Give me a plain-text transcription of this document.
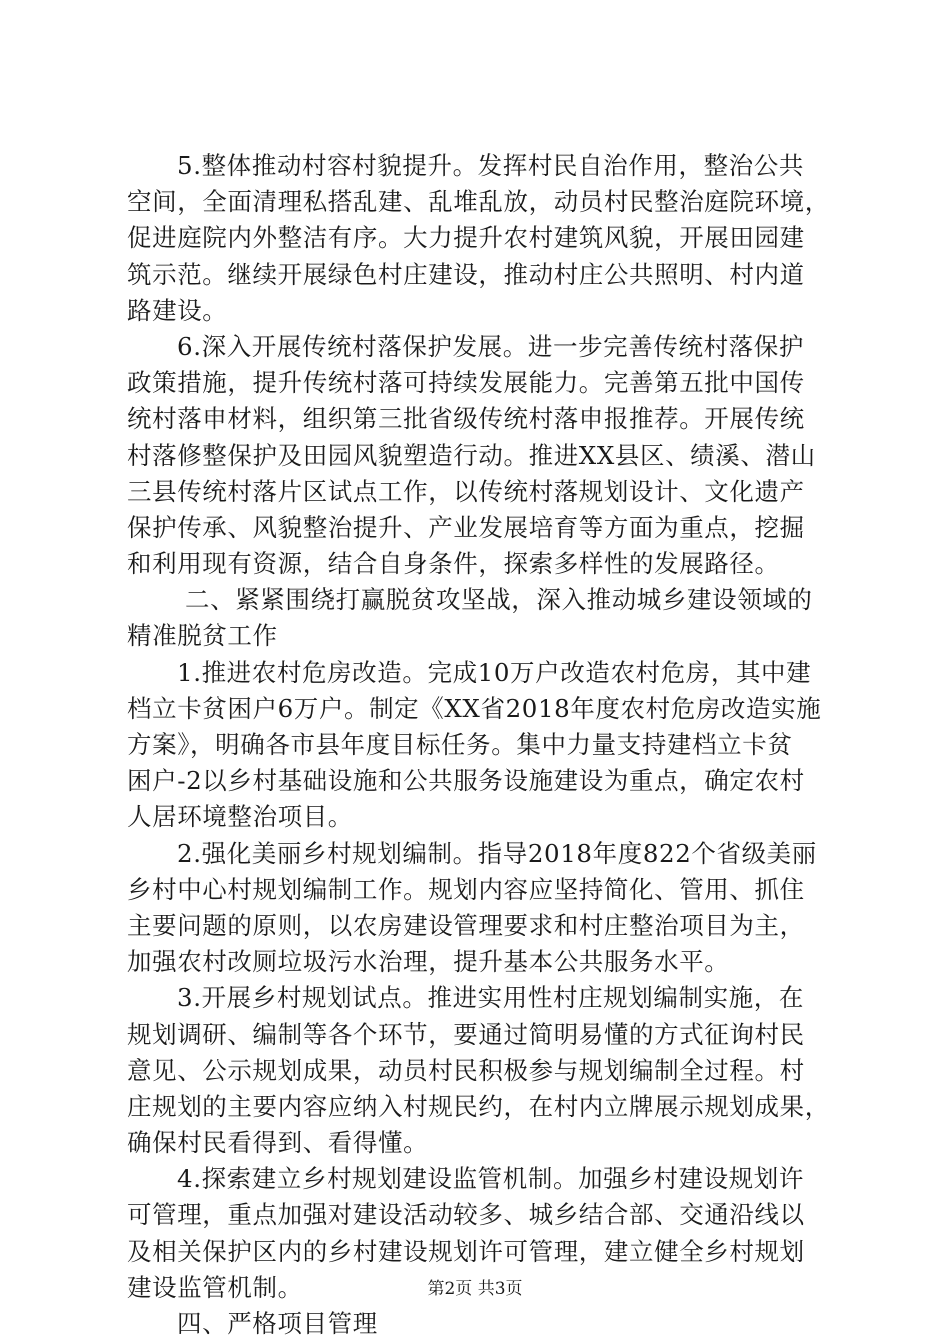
5.整体推动村容村貌提升。发挥村民自治作用，整治公共
空间，全面清理私搭乱建、乱堆乱放，动员村民整治庭院环境，
促进庭院内外整洁有序。大力提升农村建筑风貌，开展田园建
筑示范。继续开展绿色村庄建设，推动村庄公共照明、村内道
路建设。
6.深入开展传统村落保护发展。进一步完善传统村落保护
政策措施，提升传统村落可持续发展能力。完善第五批中国传
统村落申材料，组织第三批省级传统村落申报推荐。开展传统
村落修整保护及田园风貌塑造行动。推进XX县区、绩溪、潜山
三县传统村落片区试点工作，以传统村落规划设计、文化遗产
保护传承、风貌整治提升、产业发展培育等方面为重点，挖掘
和利用现有资源，结合自身条件，探索多样性的发展路径。
二、紧紧围绕打赢脱贫攻坚战，深入推动城乡建设领域的
精准脱贫工作
1.推进农村危房改造。完成10万户改造农村危房，其中建
档立卡贫困户6万户。制定《XX省2018年度农村危房改造实施
方案》，明确各市县年度目标任务。集中力量支持建档立卡贫
困户-2以乡村基础设施和公共服务设施建设为重点，确定农村
人居环境整治项目。
2.强化美丽乡村规划编制。指导2018年度822个省级美丽
乡村中心村规划编制工作。规划内容应坚持简化、管用、抓住
主要问题的原则，以农房建设管理要求和村庄整治项目为主，
加强农村改厕垃圾污水治理，提升基本公共服务水平。
3.开展乡村规划试点。推进实用性村庄规划编制实施，在
规划调研、编制等各个环节，要通过简明易懂的方式征询村民
意见、公示规划成果，动员村民积极参与规划编制全过程。村
庄规划的主要内容应纳入村规民约，在村内立牌展示规划成果，
确保村民看得到、看得懂。
4.探索建立乡村规划建设监管机制。加强乡村建设规划许
可管理，重点加强对建设活动较多、城乡结合部、交通沿线以
及相关保护区内的乡村建设规划许可管理，建立健全乡村规划
建设监管机制。
四、严格项目管理
第2页 共3页
